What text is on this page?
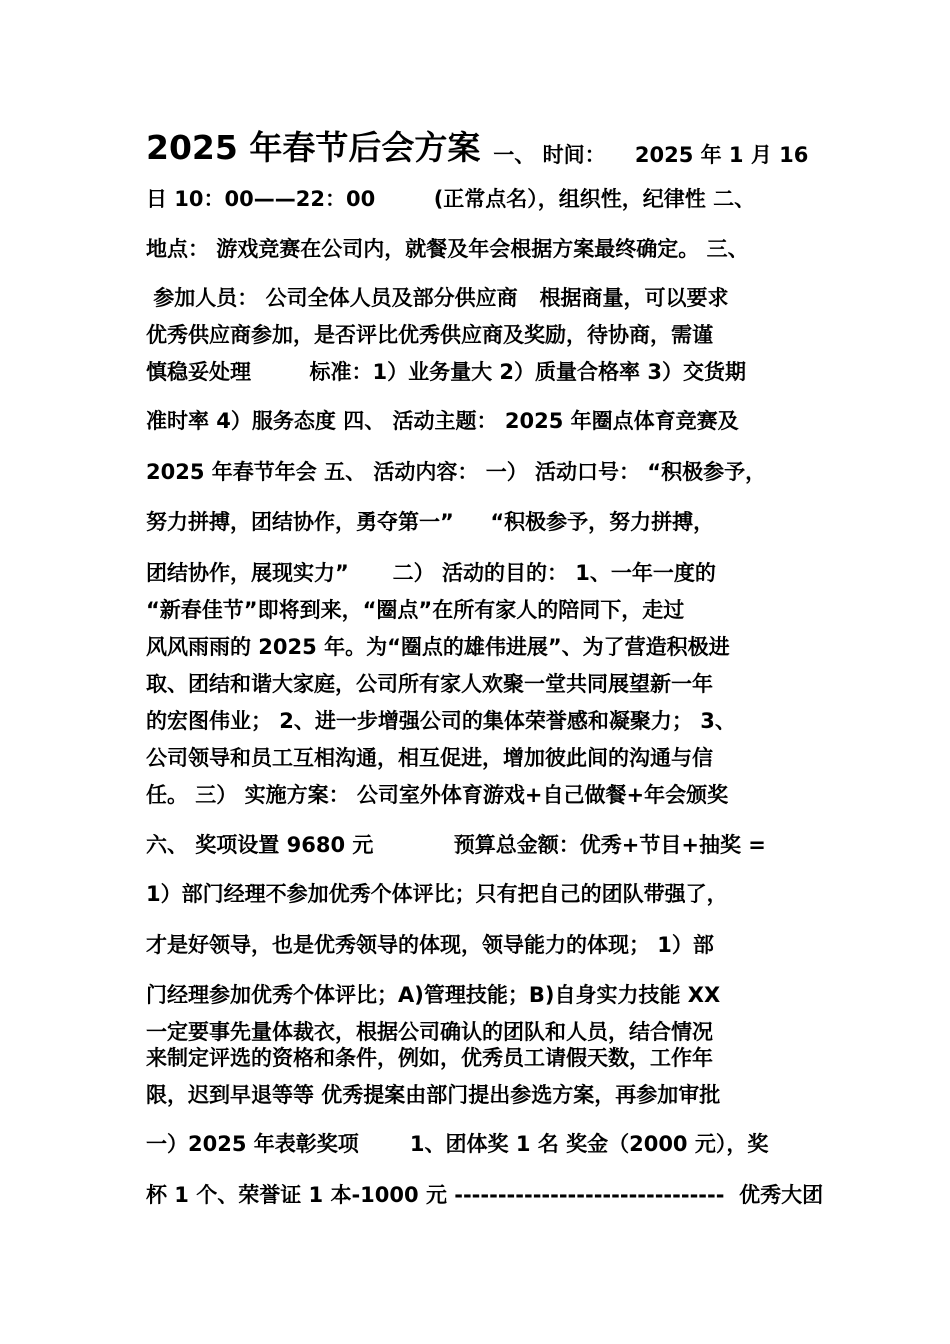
2025 年春节后会方案 一、 时间：    2025 年 1 月 16
日 10：00——22：00        (正常点名），组织性，纪律性 二、
地点： 游戏竞赛在公司内，就餐及年会根据方案最终确定。 三、
参加人员： 公司全体人员及部分供应商   根据商量，可以要求
优秀供应商参加，是否评比优秀供应商及奖励，待协商，需谨
慎稳妥处理        标准：1）业务量大 2）质量合格率 3）交货期
准时率 4）服务态度 四、 活动主题： 2025 年圈点体育竞赛及
2025 年春节年会 五、 活动内容： 一） 活动口号： “积极参予，
努力拼搏，团结协作，勇夺第一”     “积极参予，努力拼搏，
团结协作，展现实力”      二） 活动的目的： 1、一年一度的
“新春佳节”即将到来，“圈点”在所有家人的陪同下，走过
风风雨雨的 2025 年。为“圈点的雄伟进展”、为了营造积极进
取、团结和谐大家庭，公司所有家人欢聚一堂共同展望新一年
的宏图伟业； 2、进一步增强公司的集体荣誉感和凝聚力； 3、
公司领导和员工互相沟通，相互促进，增加彼此间的沟通与信
任。 三） 实施方案： 公司室外体育游戏+自己做餐+年会颁奖
六、 奖项设置 9680 元           预算总金额：优秀+节目+抽奖 =
1）部门经理不参加优秀个体评比；只有把自己的团队带强了，
才是好领导，也是优秀领导的体现，领导能力的体现； 1）部
门经理参加优秀个体评比；A)管理技能；B)自身实力技能 XX
一定要事先量体裁衣，根据公司确认的团队和人员，结合情况
来制定评选的资格和条件，例如，优秀员工请假天数，工作年
限，迟到早退等等 优秀提案由部门提出参选方案，再参加审批
一）2025 年表彰奖项       1、团体奖 1 名 奖金（2000 元），奖
杯 1 个、荣誉证 1 本-1000 元 -------------------------------  优秀大团
